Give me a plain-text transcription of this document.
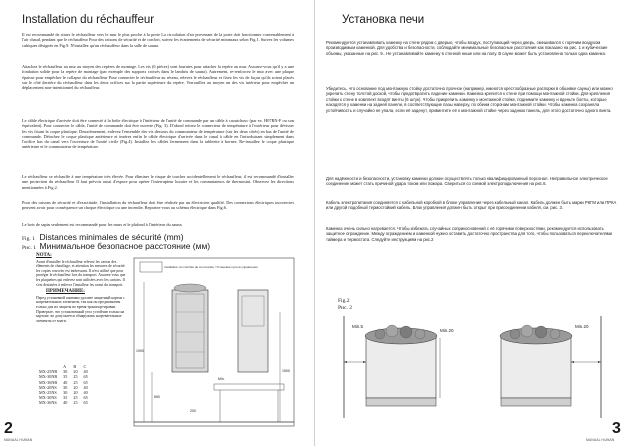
Installation du réchauffeur

Il est recommandé de situer le réchauffeur vers le mur le plus proche à la porte La circulation d'air provenant de la porte doit fonctionner convenablement à l'air chaud, pendant que le réchauffeur Pour des raisons de sécurité et de confort, suivez les écartements de sécurité minimaux selon Fig.1. Suivez les volumes cubiques désignés en Fig.9. N'installez qu'un réchauffeur dans la salle de sauna.

Attachez le réchauffeur au mur au moyen des repères de montage. Les vis (6 pièces) sont fournies pour attacher la repère au mur. Assurez-vous qu'il y a une fondation solide pour la repère de montage (par exemple des supports croisés dans le lambris de sauna). Autrement, re-renforcez le mur avec une plaque épaisse pour empêcher le collapse du réchauffeur Pour connecter le réchauffeur au réseau, relevez le réchauffeur et fixez les vis de façon qu'ils soient placés sur le côté derrière du réchauffeur dans les deux orifices sur la partie supérieure du repère. Verrouillez au moyen un des vis intérieur pour empêcher un déplacement non-intentionnel du réchauffeur.

Le câble électrique d'arrivée doit être connecté à la boîte électrique à l'intérieur de l'unité de commande par un câble à caoutchouc (par ex. H07RN-F ou son équivalent). Pour connecter le câble, l'unité de commande doit être ouverte (Fig. 3). D'abord retirez le connecteur de température à l'extérieur pour dévisser les vis fixant la coque plastique. Deuxièmement, enlevez l'ensemble des vis dessous du commutateur de température (sur les deux côtés) en bas de l'unité de commande. Détachez le coque plastique antérieure et insérez enfin le câble électrique d'arrivée dans le canal à câble en l'introduisant simplement dans l'orifice bas du canal vers l'ouverture de l'unité civile (Fig.4). Installez les câbles fermement dans la tableette à bornes. Re-installez le coque plastique antérieure et le commutateur de température.

Le réchauffeur se réchauffe à une température très élevée. Pour éliminer le risque de toucher accidentellement le réchauffeur, il est recommandé d'installer une protection du réchauffeur Il faut prévoir aussi d'espace pour opérer l'interrupteur horaire et les commutateurs de thermostat. Observez les directions mentionnées à Fig.2.

Pour des raisons de sécurité et d'exactitude, l'installation du réchauffeur doit être réalisée par un électricien qualifié. Des connexions électriques incorrectes peuvent avoir pour conséquence un choque électrique ou une incendie. Reportez-vous au schéma électrique dans Fig.6.

Le bois de sapin seulement est recommandé pour les murs et le plafond à l'intérieur du sauna.

Fig. 1 Distances minimales de sécurité (mm)
Рис. 1 Минимальное безопасное расстояние (мм)
NOTA:
Avant d'installer le réchauffeur relevez les carton des éléments de chauffage, et attention les mesures de sécurité. les copies couvrier est intéressant. Il n'est utilisé que pour protéger le réchauffeur lors du transport. Assurez-vous que les plaquettes qui enlevez sont utilisées avec les cartons. Il s'est destinées à enlever l'installeur les avant du transport.
ПРИМЕЧАНИЕ:
Перед установкой каменки удалите защитный картон с нагревательных элементов, так как он предназначен только для их защиты во время транспортировки. Проверьте, что установочный угол устойчив только на картоне, во допускается обнаружить нагревательные элементы от влаги.
	A	B	C
MX-25NB	30	20	40
MX-30NB	35	25	65
MX-36NB	40	25	65
MX-20NS	30	20	40
MX-25NS	30	20	40
MX-30NS	35	25	65
MX-36NS	40	25	65
Installation du contrôle de commande / Установка пульта управления
1900
650
200
1500
Min.
2
MANUAL HUMAN
Установка печи

Рекомендуется устанавливать каменку на стене рядом с дверью, чтобы воздух, поступающий через дверь, смешивался с горячим воздухом производимым каменкой. Для удобства и безопасности, соблюдайте минимальные безопасные расстояния как показано на рис. 1 и кубические объемы, указанные на рис. 9.. Не устанавливайте каменку в стенной нише или на полу. В сауне может быть установлена только одна каменка.

Убедитесь, что основание под монтажную стойку достаточно прочное (например, имеются крестообразные распорки в обшивке сауны) или можно укрепить стену толстой доской, чтобы предотвратить падение каменки. Каменка крепится к стене при помощи монтажной стойки. Для крепления стойки к стене в комплект входят винты (6 штук). Чтобы прикрепить каменку к монтажной стойке, поднимите каменку и вденьте болты, которые находятся у каменки на задней панели, в соответствующие пазы наверху, по обеим сторонам монтажной стойки. Чтобы каменка сохраняла устойчивость и случайно не упала, если её заденут, привинтите её к монтажной стойке через заднюю панель, для этого достаточно одного винта.

Для надёжности и безопасности, установку каменки должен осуществлять только квалифицированный персонал. Неправильное электрическое соединение может стать причиной удара током или пожара. Свериться со схемой электроподключения на рис.6.

Кабель электропитания соединяется с кабельной коробкой в блоке управления через кабельный канал. Кабель должен быть марки РКГМ или ПРКА или другой подобный термостойкий кабель. Блок управления должен быть открыт при присоединении кабеля, см. рис. 3.

Каменка очень сильно нагревается. Чтобы избежать случайных соприкосновений с её горячими поверхностями, рекомендуется использовать защитное ограждение. Между ограждением и каменкой нужно оставить достаточно пространства для того, чтобы пользоваться переключателями таймера и термостата. Следуйте инструкциям на рис.2

Fig.2
Рис. 2
Min.5
Min.20
Min.20
3
MANUAL HUMAN
